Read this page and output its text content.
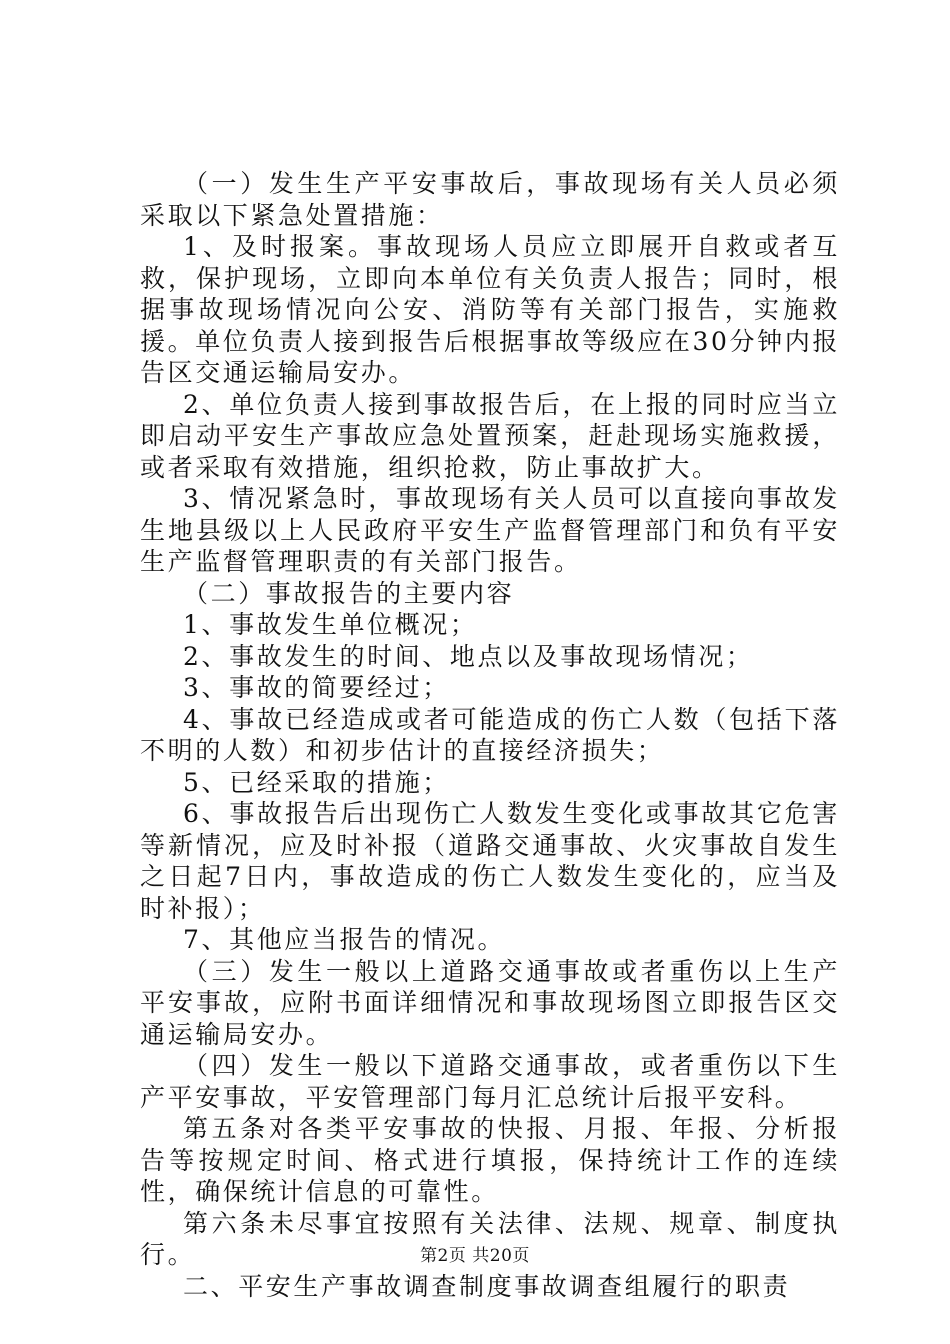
（一）发生生产平安事故后，事故现场有关人员必须采取以下紧急处置措施：

1、及时报案。事故现场人员应立即展开自救或者互救，保护现场，立即向本单位有关负责人报告；同时，根据事故现场情况向公安、消防等有关部门报告，实施救援。单位负责人接到报告后根据事故等级应在30分钟内报告区交通运输局安办。

2、单位负责人接到事故报告后，在上报的同时应当立即启动平安生产事故应急处置预案，赶赴现场实施救援，或者采取有效措施，组织抢救，防止事故扩大。

3、情况紧急时，事故现场有关人员可以直接向事故发生地县级以上人民政府平安生产监督管理部门和负有平安生产监督管理职责的有关部门报告。

（二）事故报告的主要内容

1、事故发生单位概况；

2、事故发生的时间、地点以及事故现场情况；

3、事故的简要经过；

4、事故已经造成或者可能造成的伤亡人数（包括下落不明的人数）和初步估计的直接经济损失；

5、已经采取的措施；

6、事故报告后出现伤亡人数发生变化或事故其它危害等新情况，应及时补报（道路交通事故、火灾事故自发生之日起7日内，事故造成的伤亡人数发生变化的，应当及时补报）；

7、其他应当报告的情况。

（三）发生一般以上道路交通事故或者重伤以上生产平安事故，应附书面详细情况和事故现场图立即报告区交通运输局安办。

（四）发生一般以下道路交通事故，或者重伤以下生产平安事故，平安管理部门每月汇总统计后报平安科。

第五条对各类平安事故的快报、月报、年报、分析报告等按规定时间、格式进行填报，保持统计工作的连续性，确保统计信息的可靠性。

第六条未尽事宜按照有关法律、法规、规章、制度执行。

二、平安生产事故调查制度事故调查组履行的职责

第2页 共20页
